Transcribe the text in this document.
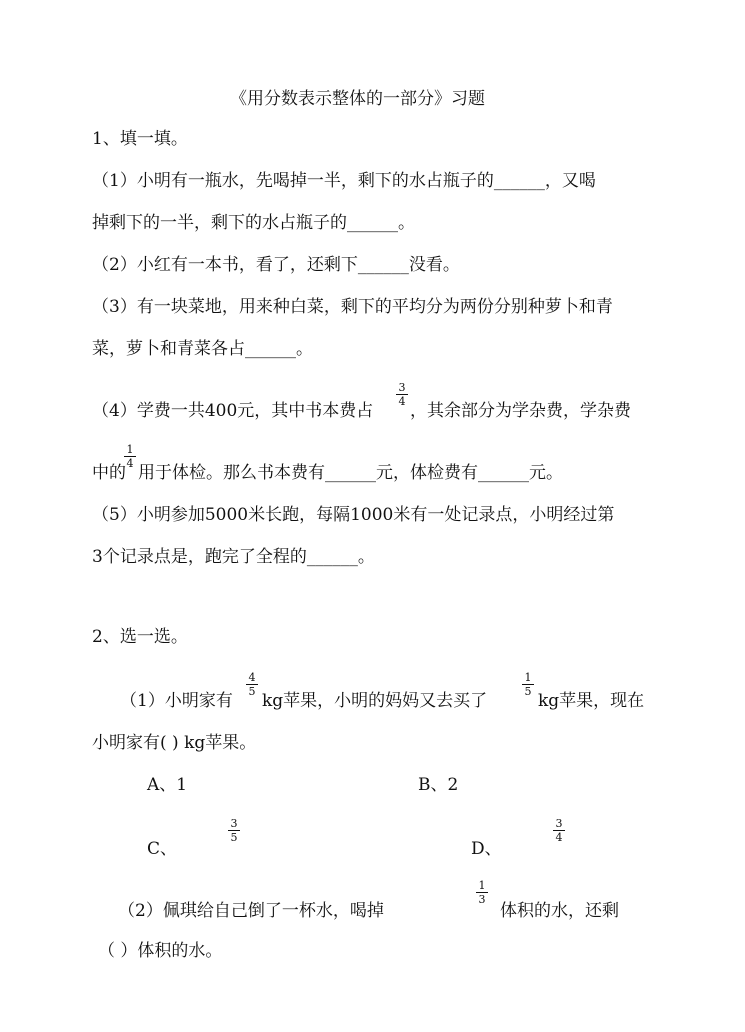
《用分数表示整体的一部分》习题
1、填一填。
（1）小明有一瓶水，先喝掉一半，剩下的水占瓶子的______，又喝
掉剩下的一半，剩下的水占瓶子的______。
（2）小红有一本书，看了，还剩下______没看。
（3）有一块菜地，用来种白菜，剩下的平均分为两份分别种萝卜和青
菜，萝卜和青菜各占______。
（4）学费一共400元，其中书本费占
3
4 ，其余部分为学杂费，学杂费
1
4
中的 用于体检。那么书本费有______元，体检费有______元。
（5）小明参加5000米长跑，每隔1000米有一处记录点，小明经过第
3个记录点是，跑完了全程的______。
2、选一选。
（1）小明家有
4
5 kg苹果，小明的妈妈又去买了
1
5 kg苹果，现在
小明家有( ) kg苹果。
A、1	B、2
C、
3
5
D、
3
4
（2）佩琪给自己倒了一杯水，喝掉
1
3
体积的水，还剩
（ ）体积的水。
